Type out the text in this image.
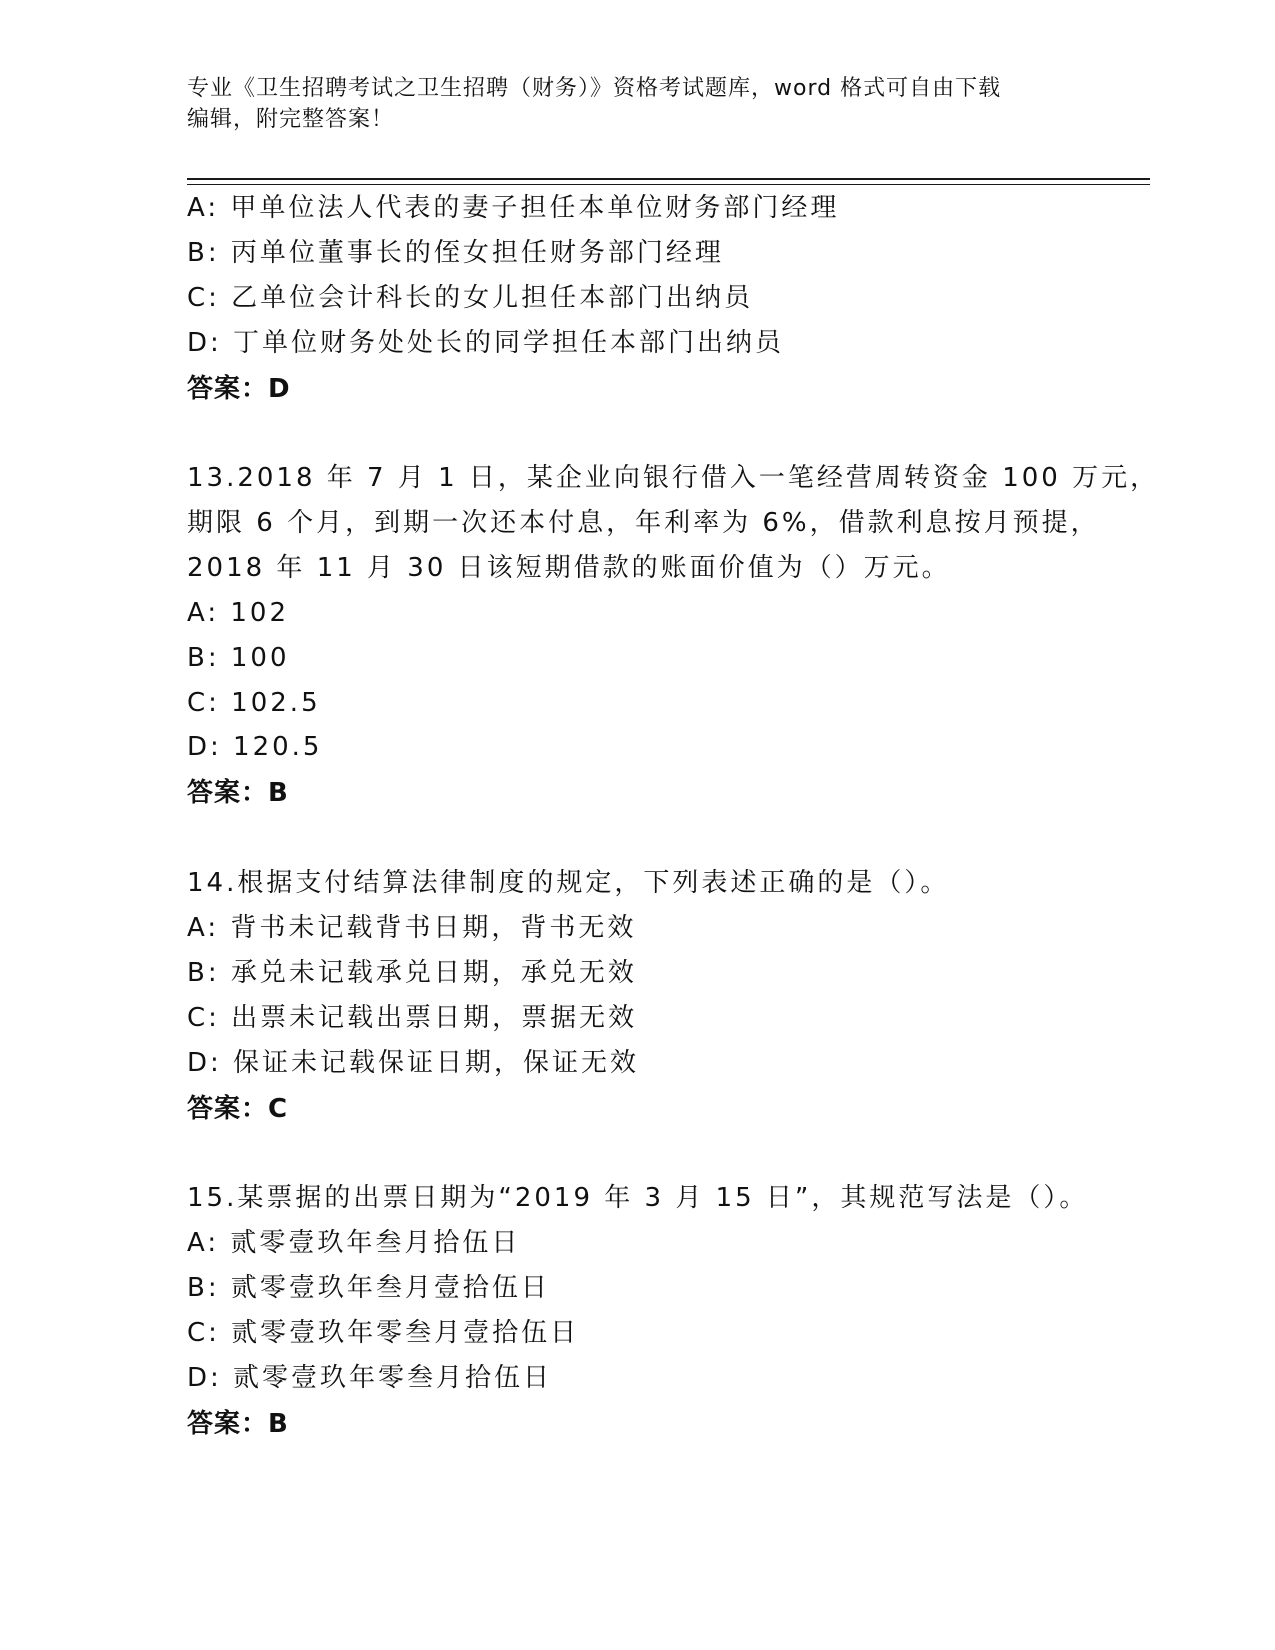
专业《卫生招聘考试之卫生招聘（财务）》资格考试题库，word 格式可自由下载
编辑，附完整答案！
A: 甲单位法人代表的妻子担任本单位财务部门经理
B: 丙单位董事长的侄女担任财务部门经理
C: 乙单位会计科长的女儿担任本部门出纳员
D: 丁单位财务处处长的同学担任本部门出纳员
答案：D
13.2018 年 7 月 1 日，某企业向银行借入一笔经营周转资金 100 万元，
期限 6 个月，到期一次还本付息，年利率为 6%，借款利息按月预提，
2018 年 11 月 30 日该短期借款的账面价值为（）万元。
A: 102
B: 100
C: 102.5
D: 120.5
答案：B
14.根据支付结算法律制度的规定，下列表述正确的是（）。
A: 背书未记载背书日期，背书无效
B: 承兑未记载承兑日期，承兑无效
C: 出票未记载出票日期，票据无效
D: 保证未记载保证日期，保证无效
答案：C
15.某票据的出票日期为“2019 年 3 月 15 日”，其规范写法是（）。
A: 贰零壹玖年叁月拾伍日
B: 贰零壹玖年叁月壹拾伍日
C: 贰零壹玖年零叁月壹拾伍日
D: 贰零壹玖年零叁月拾伍日
答案：B
